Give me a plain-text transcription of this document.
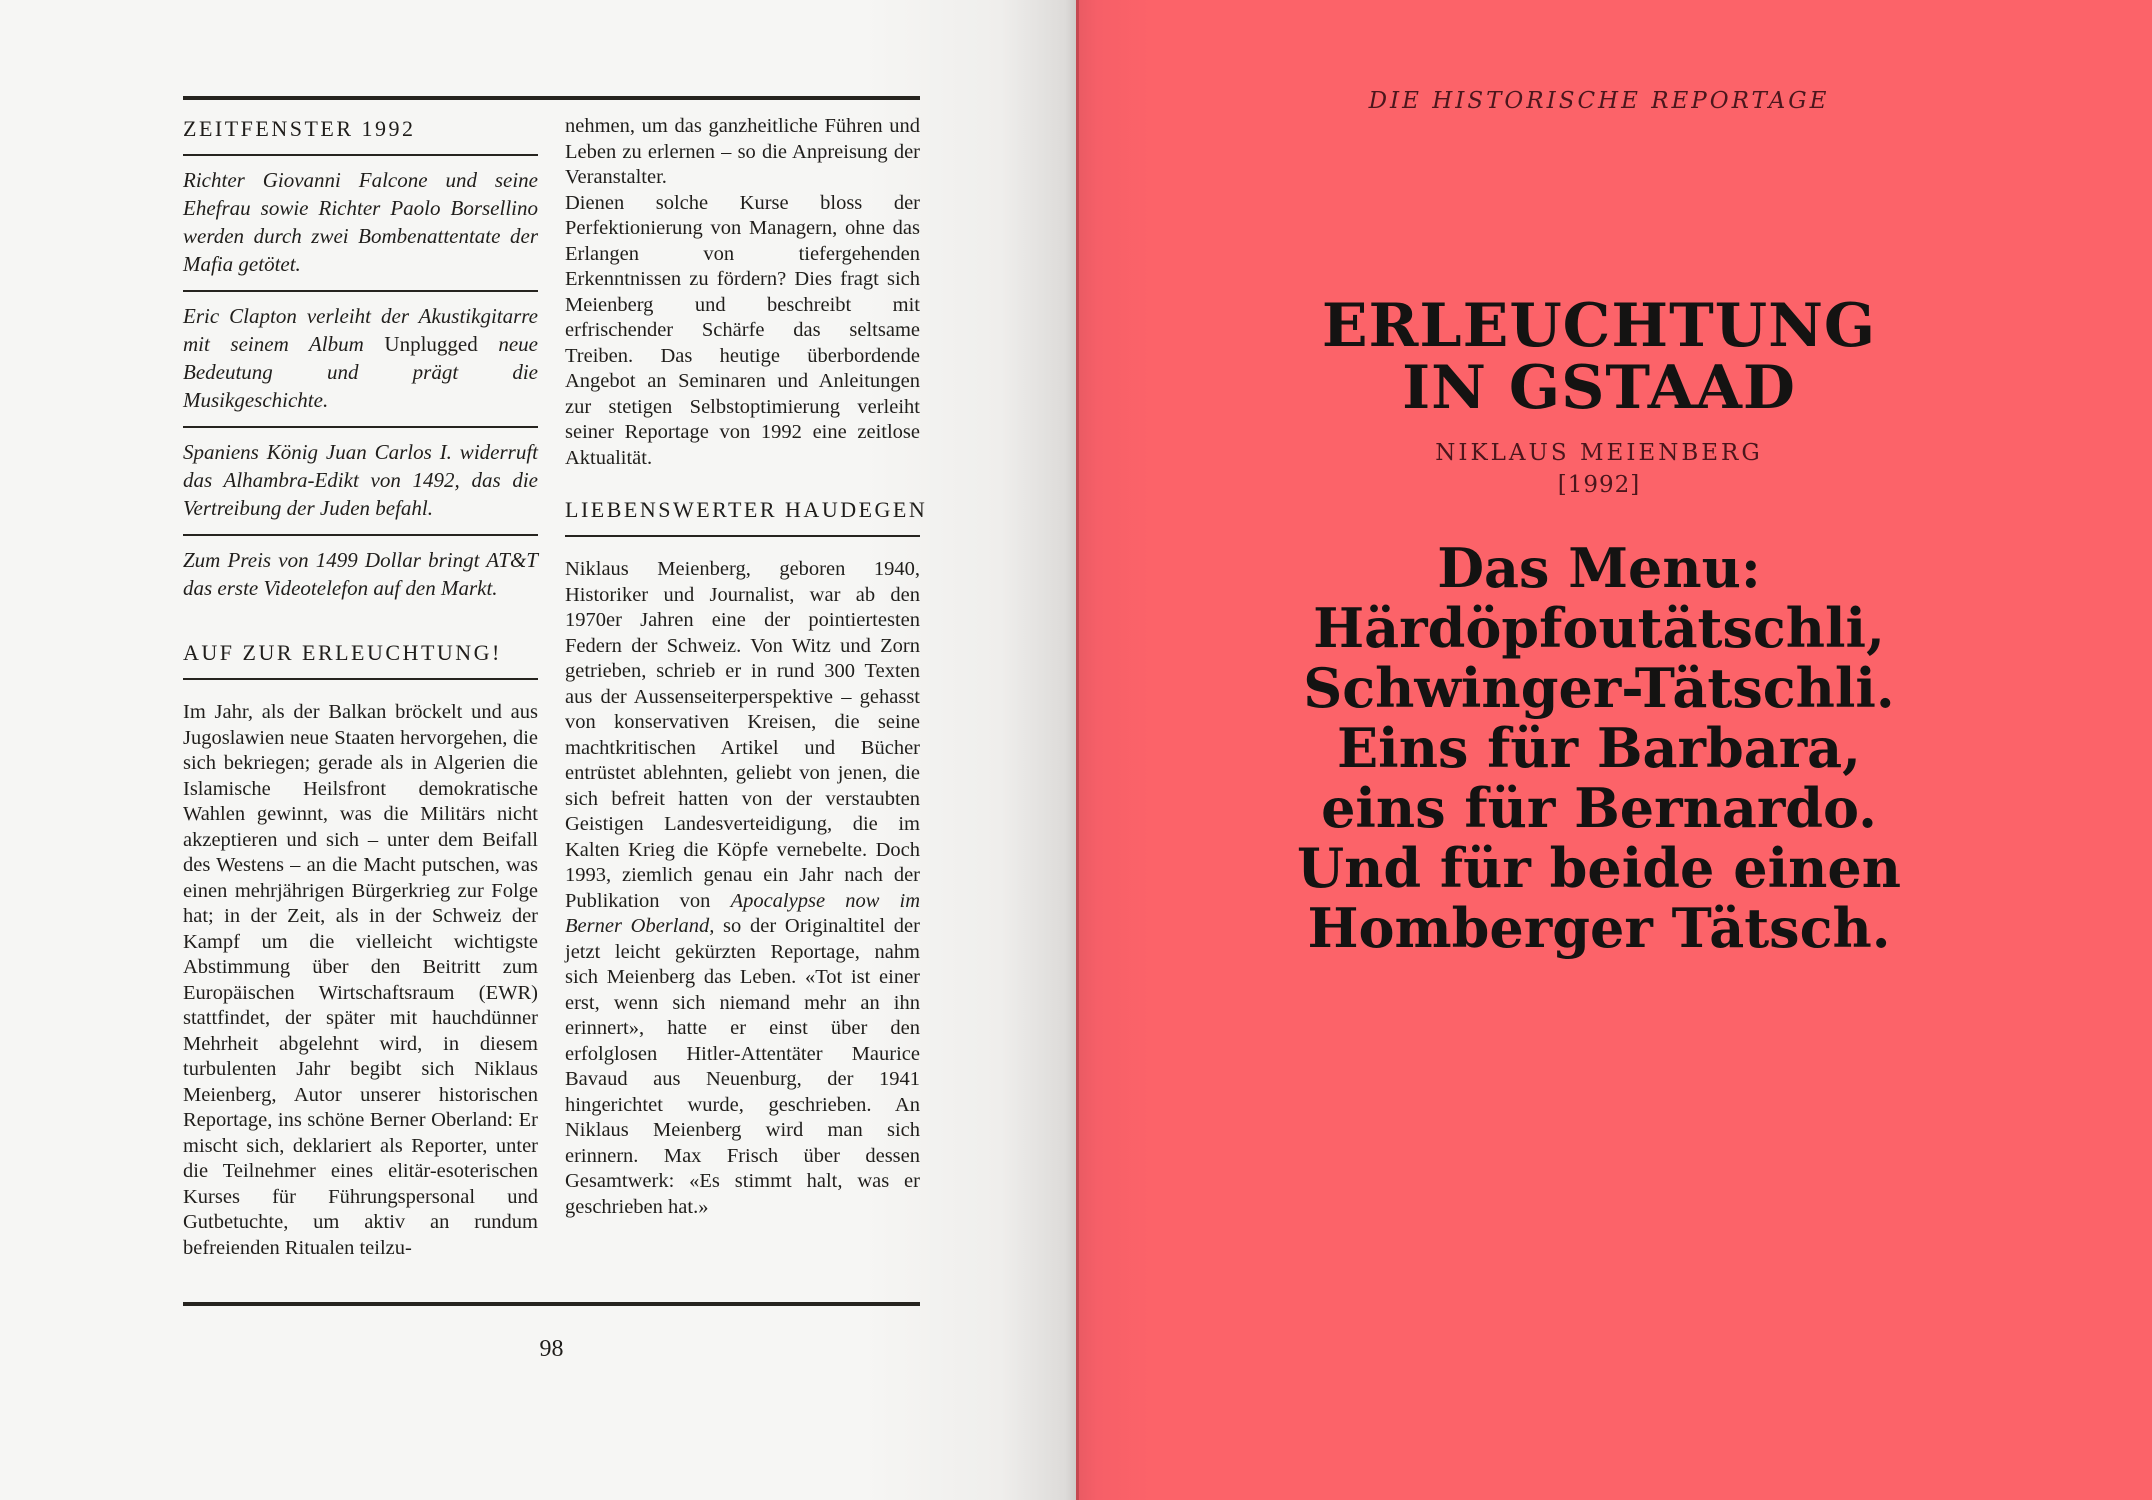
ZEITFENSTER 1992

Richter Giovanni Falcone und seine Ehefrau sowie Richter Paolo Borsellino werden durch zwei Bombenattentate der Mafia getötet.

Eric Clapton verleiht der Akustikgitarre mit seinem Album Unplugged neue Bedeutung und prägt die Musikgeschichte.

Spaniens König Juan Carlos I. widerruft das Alhambra-Edikt von 1492, das die Vertreibung der Juden befahl.

Zum Preis von 1499 Dollar bringt AT&T das erste Videotelefon auf den Markt.

AUF ZUR ERLEUCHTUNG!

Im Jahr, als der Balkan bröckelt und aus Jugoslawien neue Staaten hervorgehen, die sich bekriegen; gerade als in Algerien die Islamische Heilsfront demokratische Wahlen gewinnt, was die Militärs nicht akzeptieren und sich – unter dem Beifall des Westens – an die Macht putschen, was einen mehrjährigen Bürgerkrieg zur Folge hat; in der Zeit, als in der Schweiz der Kampf um die vielleicht wichtigste Abstimmung über den Beitritt zum Europäischen Wirtschaftsraum (EWR) stattfindet, der später mit hauchdünner Mehrheit abgelehnt wird, in diesem turbulenten Jahr begibt sich Niklaus Meienberg, Autor unserer historischen Reportage, ins schöne Berner Oberland: Er mischt sich, deklariert als Reporter, unter die Teilnehmer eines elitär-esoterischen Kurses für Führungspersonal und Gutbetuchte, um aktiv an rundum befreienden Ritualen teilzu-

nehmen, um das ganzheitliche Führen und Leben zu erlernen – so die Anpreisung der Veranstalter.

Dienen solche Kurse bloss der Perfektionierung von Managern, ohne das Erlangen von tiefergehenden Erkenntnissen zu fördern? Dies fragt sich Meienberg und beschreibt mit erfrischender Schärfe das seltsame Treiben. Das heutige überbordende Angebot an Seminaren und Anleitungen zur stetigen Selbstoptimierung verleiht seiner Reportage von 1992 eine zeitlose Aktualität.

LIEBENSWERTER HAUDEGEN

Niklaus Meienberg, geboren 1940, Historiker und Journalist, war ab den 1970er Jahren eine der pointiertesten Federn der Schweiz. Von Witz und Zorn getrieben, schrieb er in rund 300 Texten aus der Aussenseiterperspektive – gehasst von konservativen Kreisen, die seine machtkritischen Artikel und Bücher entrüstet ablehnten, geliebt von jenen, die sich befreit hatten von der verstaubten Geistigen Landesverteidigung, die im Kalten Krieg die Köpfe vernebelte. Doch 1993, ziemlich genau ein Jahr nach der Publikation von Apocalypse now im Berner Oberland, so der Originaltitel der jetzt leicht gekürzten Reportage, nahm sich Meienberg das Leben. «Tot ist einer erst, wenn sich niemand mehr an ihn erinnert», hatte er einst über den erfolglosen Hitler-Attentäter Maurice Bavaud aus Neuenburg, der 1941 hingerichtet wurde, geschrieben. An Niklaus Meienberg wird man sich erinnern. Max Frisch über dessen Gesamtwerk: «Es stimmt halt, was er geschrieben hat.»

98
DIE HISTORISCHE REPORTAGE
ERLEUCHTUNG
IN GSTAAD
NIKLAUS MEIENBERG
[1992]
Das Menu:
Härdöpfoutätschli,
Schwinger-Tätschli.
Eins für Barbara,
eins für Bernardo.
Und für beide einen
Homberger Tätsch.
